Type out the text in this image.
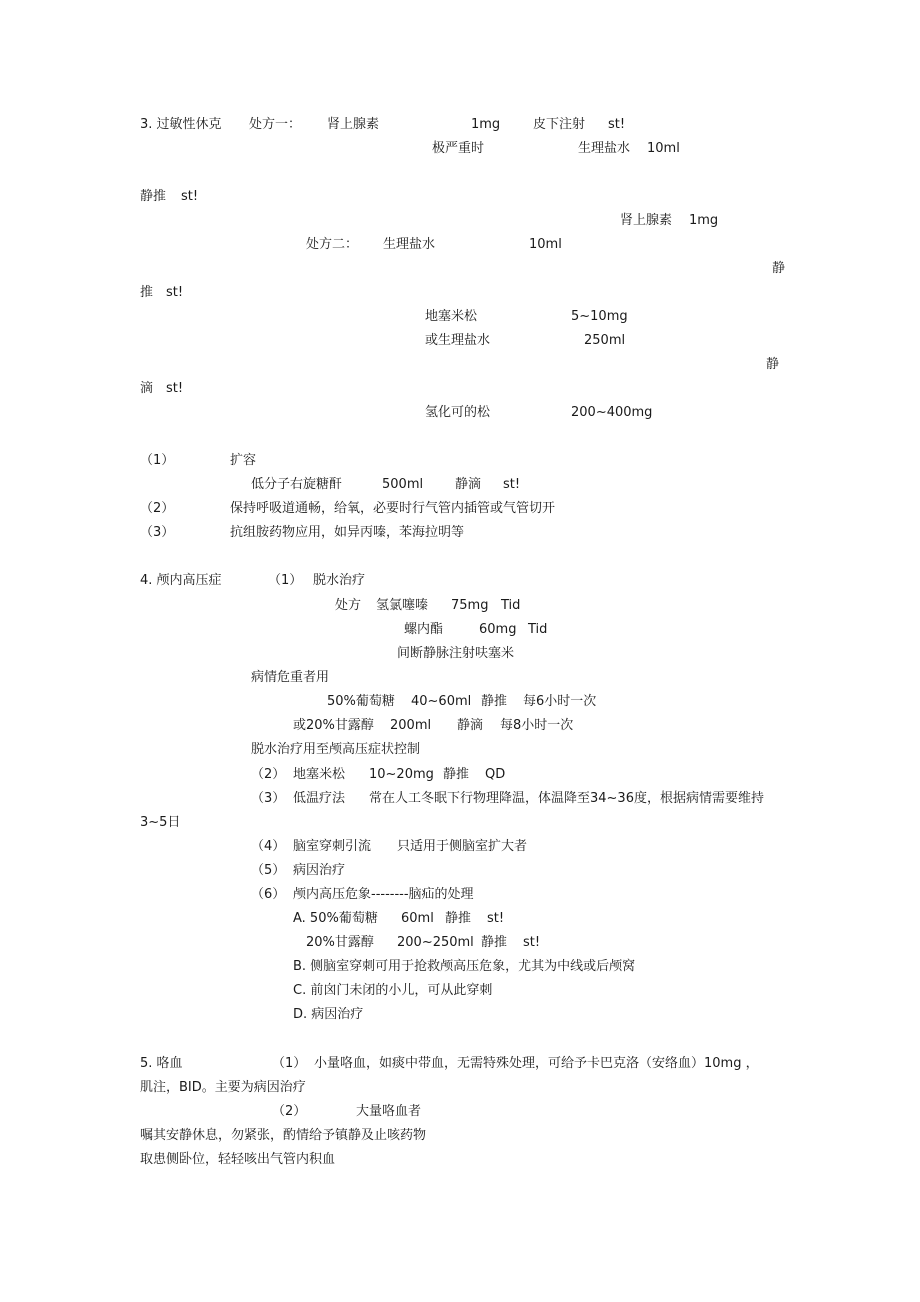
3. 过敏性休克 处方一： 肾上腺素	1mg	皮下注射 st!
极严重时	生理盐水 10ml
静推 st!
肾上腺素 1mg
处方二： 生理盐水	10ml
静
推 st!
地塞米松	5~10mg
或生理盐水	250ml
静
滴 st!
氢化可的松	200~400mg
（1）	扩容
低分子右旋糖酐	500ml 静滴 st!
（2）	保持呼吸道通畅，给氧，必要时行气管内插管或气管切开
（3）	抗组胺药物应用，如异丙嗪，苯海拉明等
4. 颅内高压症	（1） 脱水治疗
处方 氢氯噻嗪 75mg Tid
螺内酯	60mg Tid
间断静脉注射呋塞米
病情危重者用
50%葡萄糖 40~60ml 静推 每6小时一次
或20%甘露醇 200ml 静滴 每8小时一次
脱水治疗用至颅高压症状控制
（2） 地塞米松 10~20mg 静推 QD
（3） 低温疗法 常在人工冬眠下行物理降温，体温降至34~36度，根据病情需要维持
3~5日
（4） 脑室穿刺引流 只适用于侧脑室扩大者
（5） 病因治疗
（6） 颅内高压危象--------脑疝的处理
A. 50%葡萄糖 60ml 静推 st!
20%甘露醇 200~250ml 静推 st!
B. 侧脑室穿刺可用于抢救颅高压危象，尤其为中线或后颅窝
C. 前囟门未闭的小儿，可从此穿刺
D. 病因治疗
5. 咯血	（1） 小量咯血，如痰中带血，无需特殊处理，可给予卡巴克洛（安络血）10mg ，
肌注，BID。主要为病因治疗
（2）	大量咯血者
嘱其安静休息，勿紧张，酌情给予镇静及止咳药物
取患侧卧位，轻轻咳出气管内积血
